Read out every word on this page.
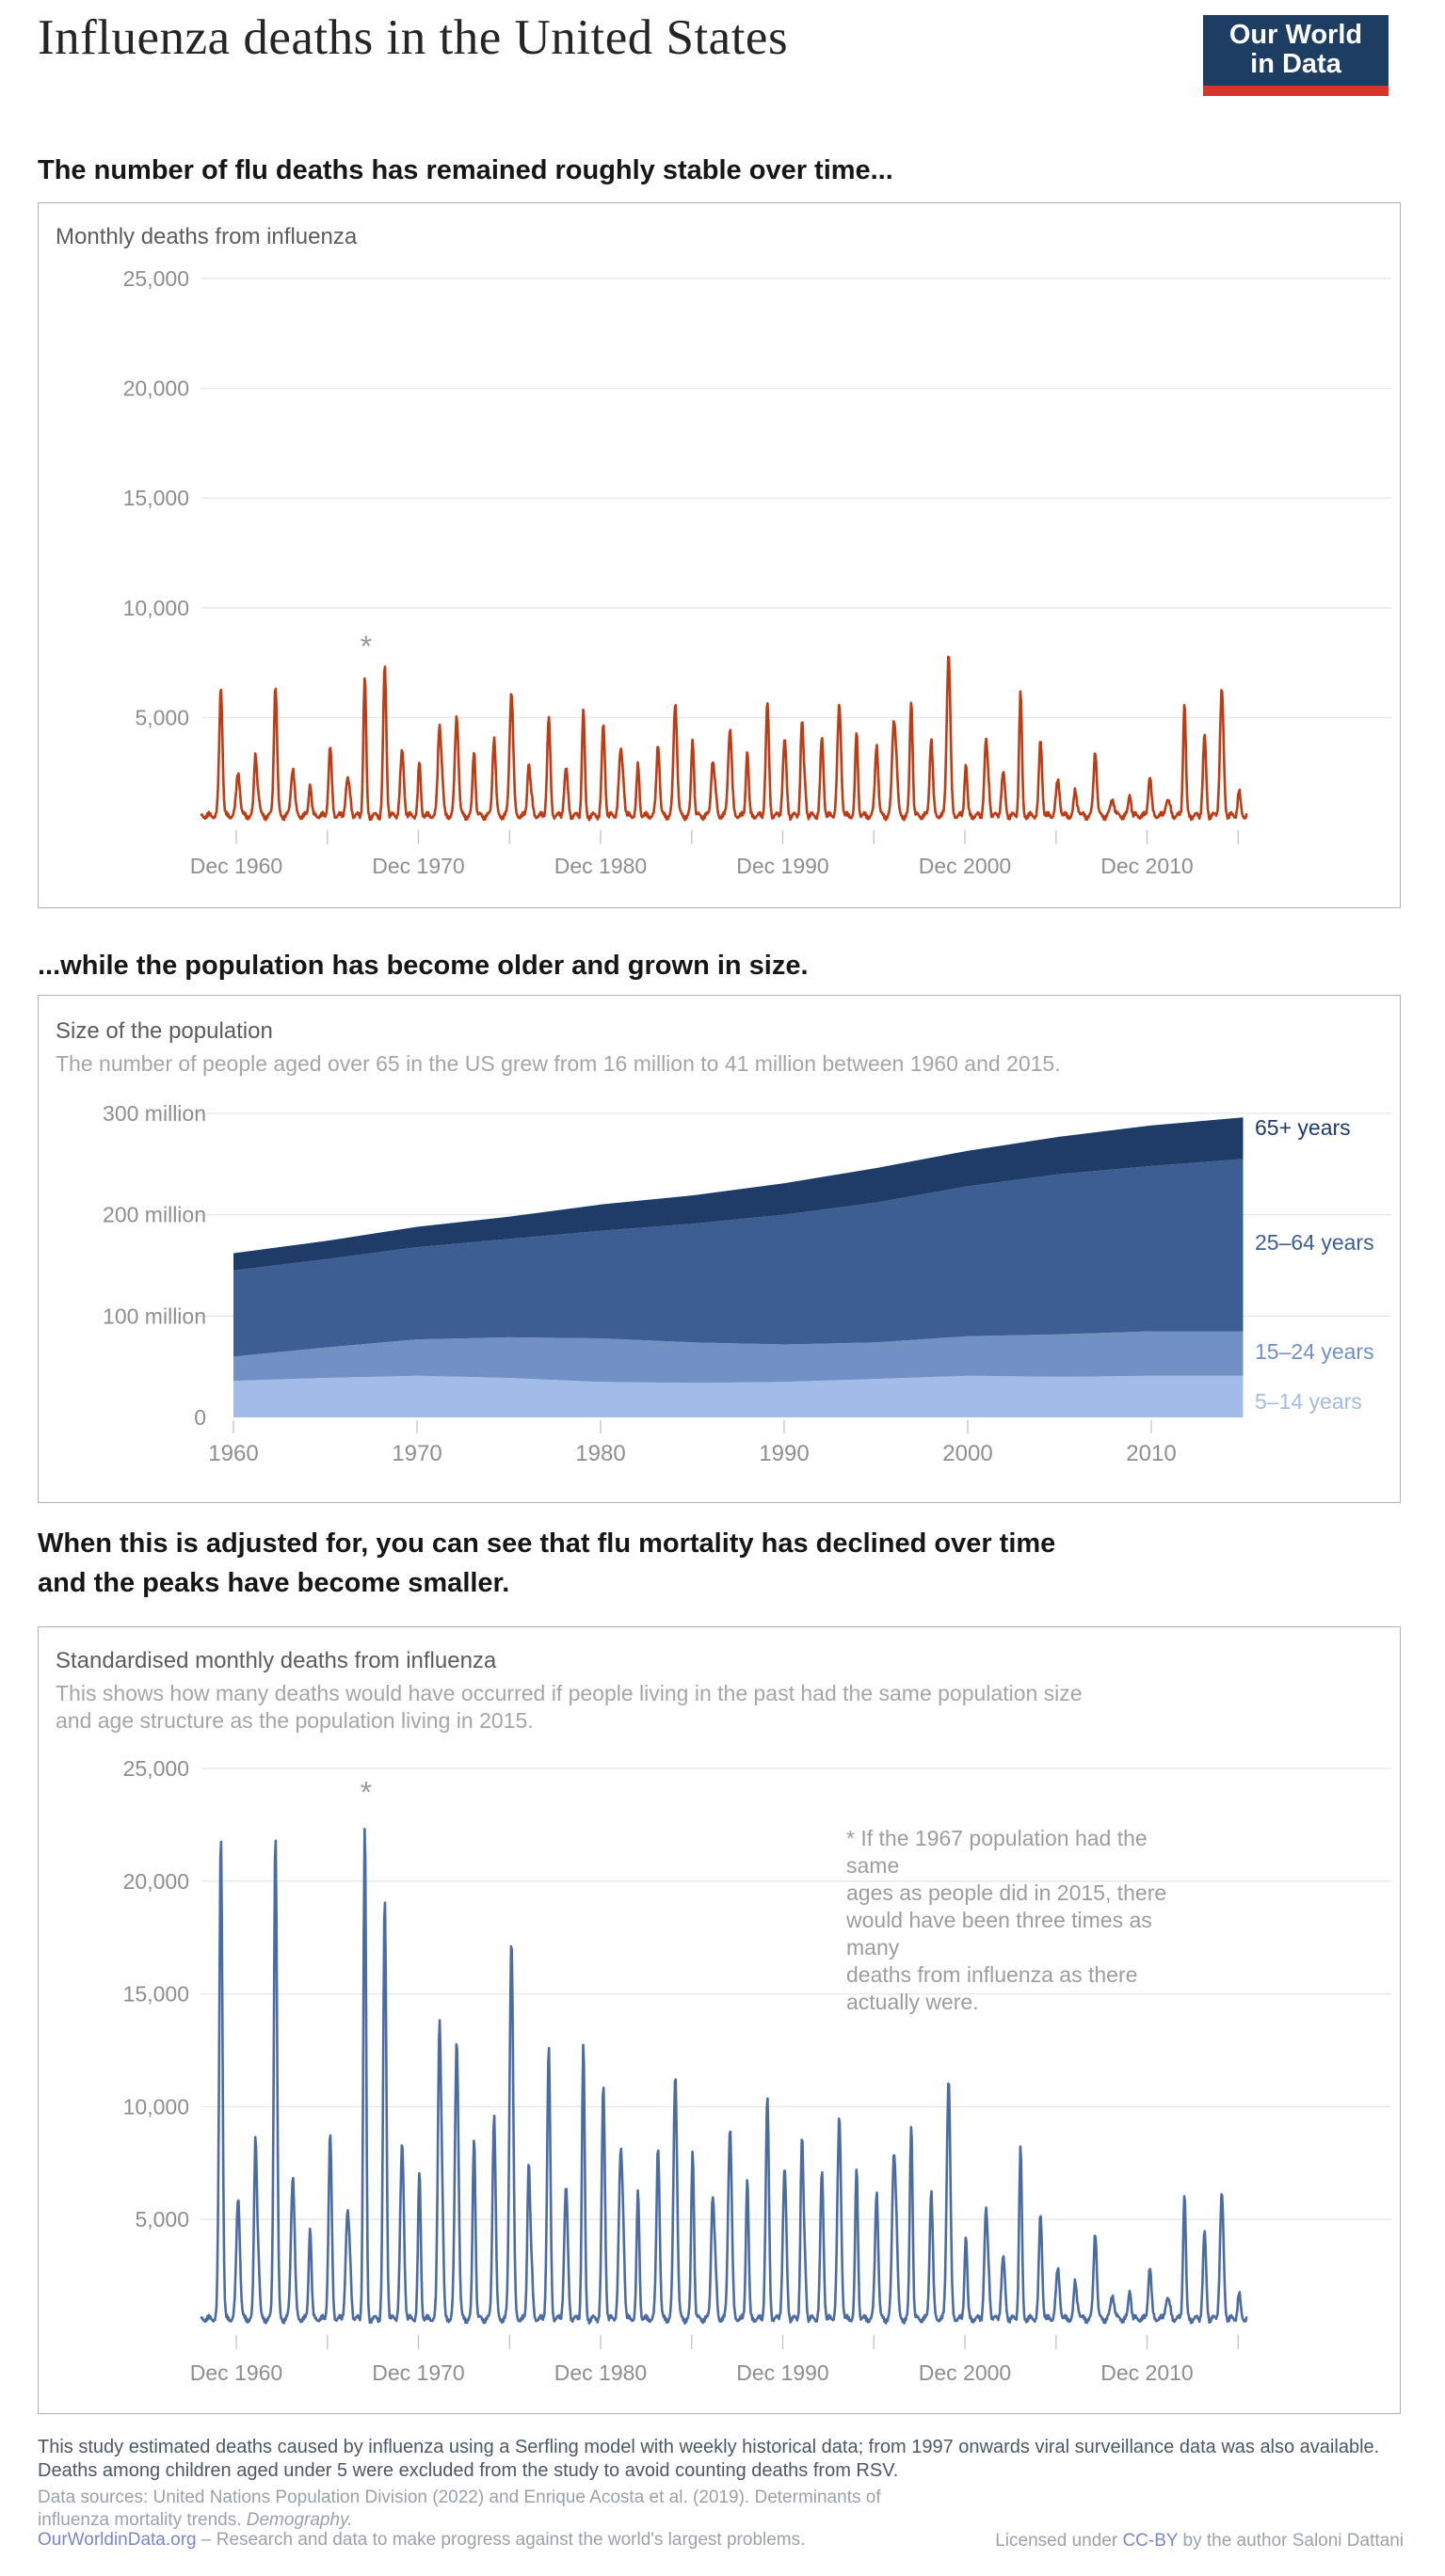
Influenza deaths in the United States	Our World
in Data
The number of flu deaths has remained roughly stable over time...
Monthly deaths from influenza
5,000
10,000
15,000
20,000
25,000
Dec 1960	Dec 1970	Dec 1980	Dec 1990	Dec 2000	Dec 2010
*
...while the population has become older and grown in size.
Size of the population
The number of people aged over 65 in the US grew from 16 million to 41 million between 1960 and 2015.
0
100 million
200 million
300 million
1960	1970	1980	1990	2000	2010
65+ years
25–64 years
15–24 years
5–14 years
When this is adjusted for, you can see that flu mortality has declined over time
and the peaks have become smaller.
Standardised monthly deaths from influenza
This shows how many deaths would have occurred if people living in the past had the same population size
and age structure as the population living in 2015.
5,000
10,000
15,000
20,000
25,000
Dec 1960	Dec 1970	Dec 1980	Dec 1990	Dec 2000	Dec 2010
*
* If the 1967 population had the same
ages as people did in 2015, there
would have been three times as many
deaths from influenza as there
actually were.
This study estimated deaths caused by influenza using a Serfling model with weekly historical data; from 1997 onwards viral surveillance data was also available.
Deaths among children aged under 5 were excluded from the study to avoid counting deaths from RSV.
Data sources: United Nations Population Division (2022) and Enrique Acosta et al. (2019). Determinants of
influenza mortality trends. Demography.
OurWorldinData.org – Research and data to make progress against the world's largest problems.	Licensed under CC-BY by the author Saloni Dattani
